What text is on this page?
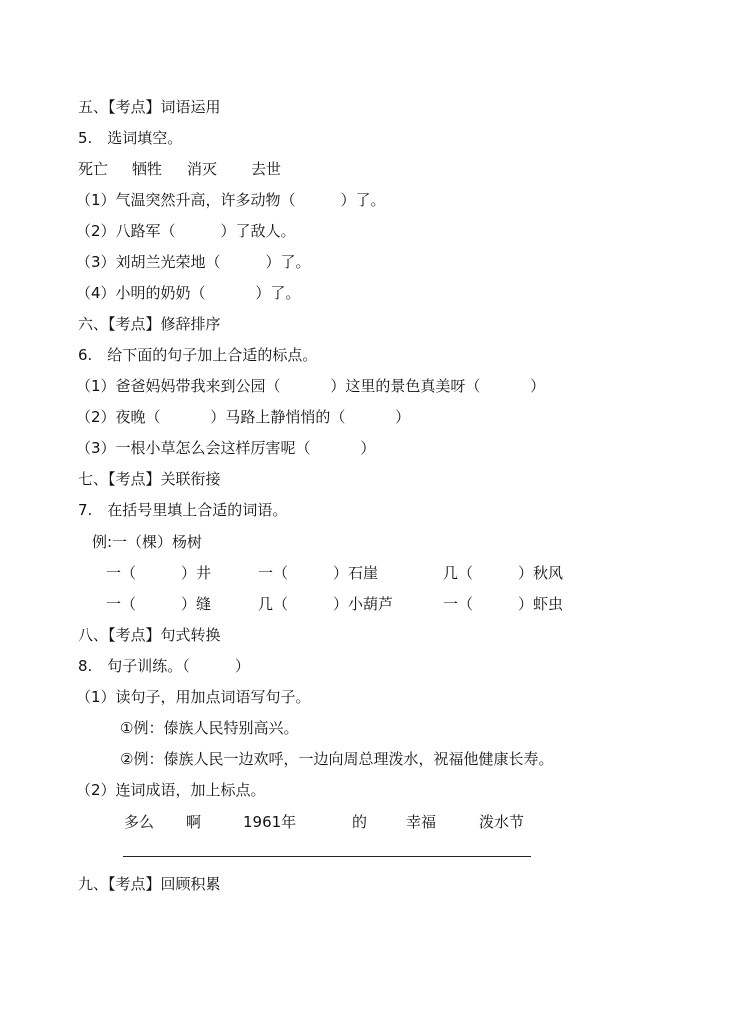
五、【考点】词语运用
5.　选词填空。
死亡 牺牲 消灭 去世
（1）气温突然升高，许多动物（　　　）了。
（2）八路军（　　　）了敌人。
（3）刘胡兰光荣地（　　　）了。
（4）小明的奶奶（　　　 ）了。
六、【考点】修辞排序
6.　给下面的句子加上合适的标点。
（1）爸爸妈妈带我来到公园（　　　 ）这里的景色真美呀（　　　 ）
（2）夜晚（　　　 ）马路上静悄悄的（　　　 ）
（3）一根小草怎么会这样厉害呢（　　　 ）
七、【考点】关联衔接
7.　在括号里填上合适的词语。
例:一（棵）杨树
一（　　　）井	一（　　　）石崖	几（　　　）秋风
一（　　　）缝	几（　　　）小葫芦	一（　　　）虾虫
八、【考点】句式转换
8.　句子训练。（　　　）
（1）读句子，用加点词语写句子。
①例：傣族人民特别高兴。
②例：傣族人民一边欢呼，一边向周总理泼水，祝福他健康长寿。
（2）连词成语，加上标点。
多么 啊	1961年	的	幸福	泼水节
九、【考点】回顾积累
